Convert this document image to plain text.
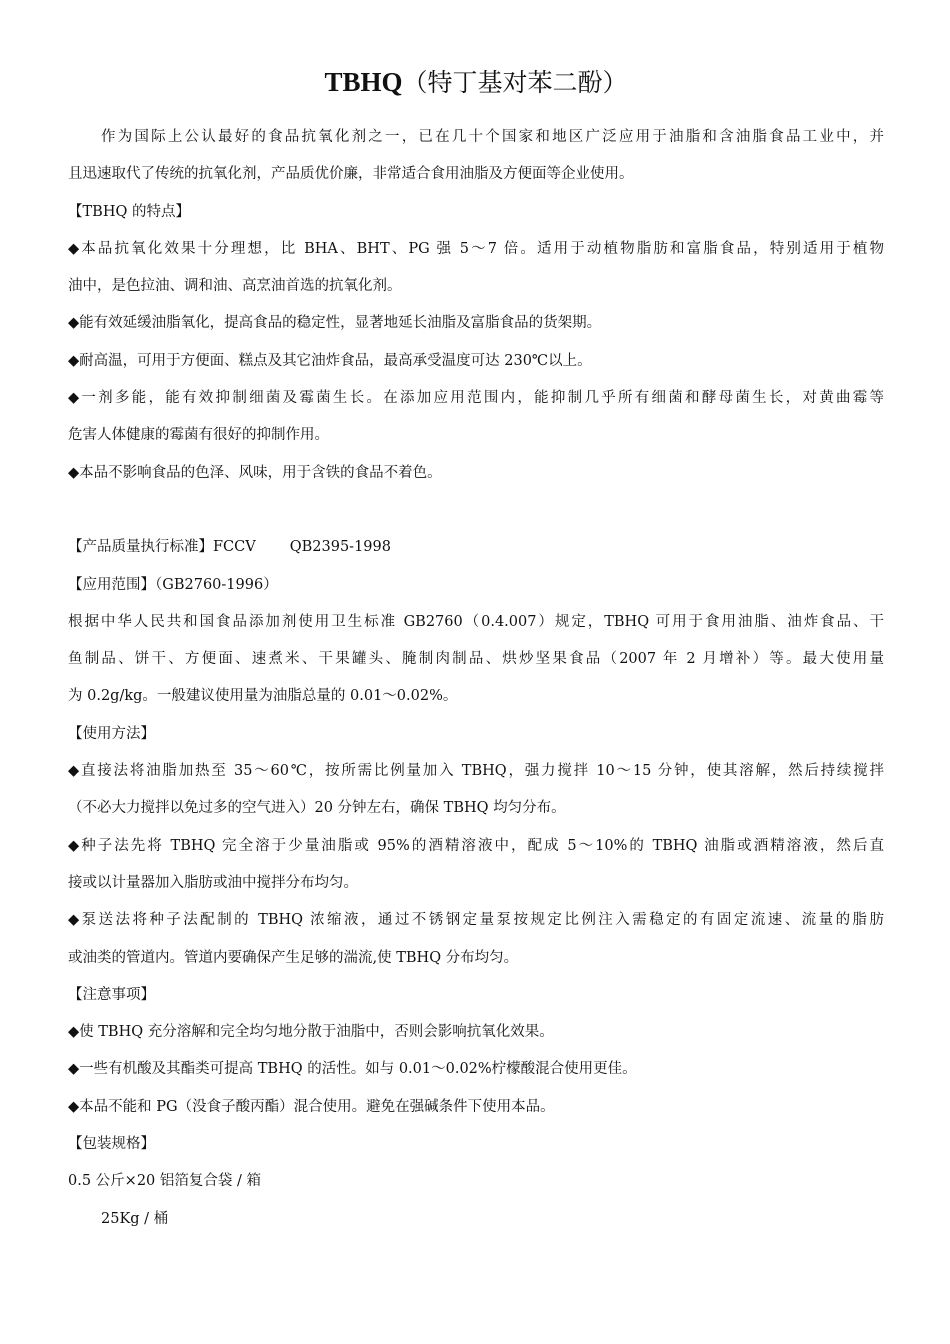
TBHQ（特丁基对苯二酚）
作为国际上公认最好的食品抗氧化剂之一，已在几十个国家和地区广泛应用于油脂和含油脂食品工业中，并
且迅速取代了传统的抗氧化剂，产品质优价廉，非常适合食用油脂及方便面等企业使用。
【TBHQ 的特点】
◆本品抗氧化效果十分理想，比 BHA、BHT、PG 强 5～7 倍。适用于动植物脂肪和富脂食品，特别适用于植物
油中，是色拉油、调和油、高烹油首选的抗氧化剂。
◆能有效延缓油脂氧化，提高食品的稳定性，显著地延长油脂及富脂食品的货架期。
◆耐高温，可用于方便面、糕点及其它油炸食品，最高承受温度可达 230℃以上。
◆一剂多能，能有效抑制细菌及霉菌生长。在添加应用范围内，能抑制几乎所有细菌和酵母菌生长，对黄曲霉等
危害人体健康的霉菌有很好的抑制作用。
◆本品不影响食品的色泽、风味，用于含铁的食品不着色。
【产品质量执行标准】FCCV QB2395-1998
【应用范围】（GB2760-1996）
根据中华人民共和国食品添加剂使用卫生标准 GB2760（0.4.007）规定，TBHQ 可用于食用油脂、油炸食品、干
鱼制品、饼干、方便面、速煮米、干果罐头、腌制肉制品、烘炒坚果食品（2007 年 2 月增补）等。最大使用量
为 0.2g/kg。一般建议使用量为油脂总量的 0.01～0.02%。
【使用方法】
◆直接法将油脂加热至 35～60℃，按所需比例量加入 TBHQ，强力搅拌 10～15 分钟，使其溶解，然后持续搅拌
（不必大力搅拌以免过多的空气进入）20 分钟左右，确保 TBHQ 均匀分布。
◆种子法先将 TBHQ 完全溶于少量油脂或 95%的酒精溶液中，配成 5～10%的 TBHQ 油脂或酒精溶液，然后直
接或以计量器加入脂肪或油中搅拌分布均匀。
◆泵送法将种子法配制的 TBHQ 浓缩液，通过不锈钢定量泵按规定比例注入需稳定的有固定流速、流量的脂肪
或油类的管道内。管道内要确保产生足够的湍流,使 TBHQ 分布均匀。
【注意事项】
◆使 TBHQ 充分溶解和完全均匀地分散于油脂中，否则会影响抗氧化效果。
◆一些有机酸及其酯类可提高 TBHQ 的活性。如与 0.01～0.02%柠檬酸混合使用更佳。
◆本品不能和 PG（没食子酸丙酯）混合使用。避免在强碱条件下使用本品。
【包装规格】
0.5 公斤×20 铝箔复合袋 / 箱
25Kg / 桶
